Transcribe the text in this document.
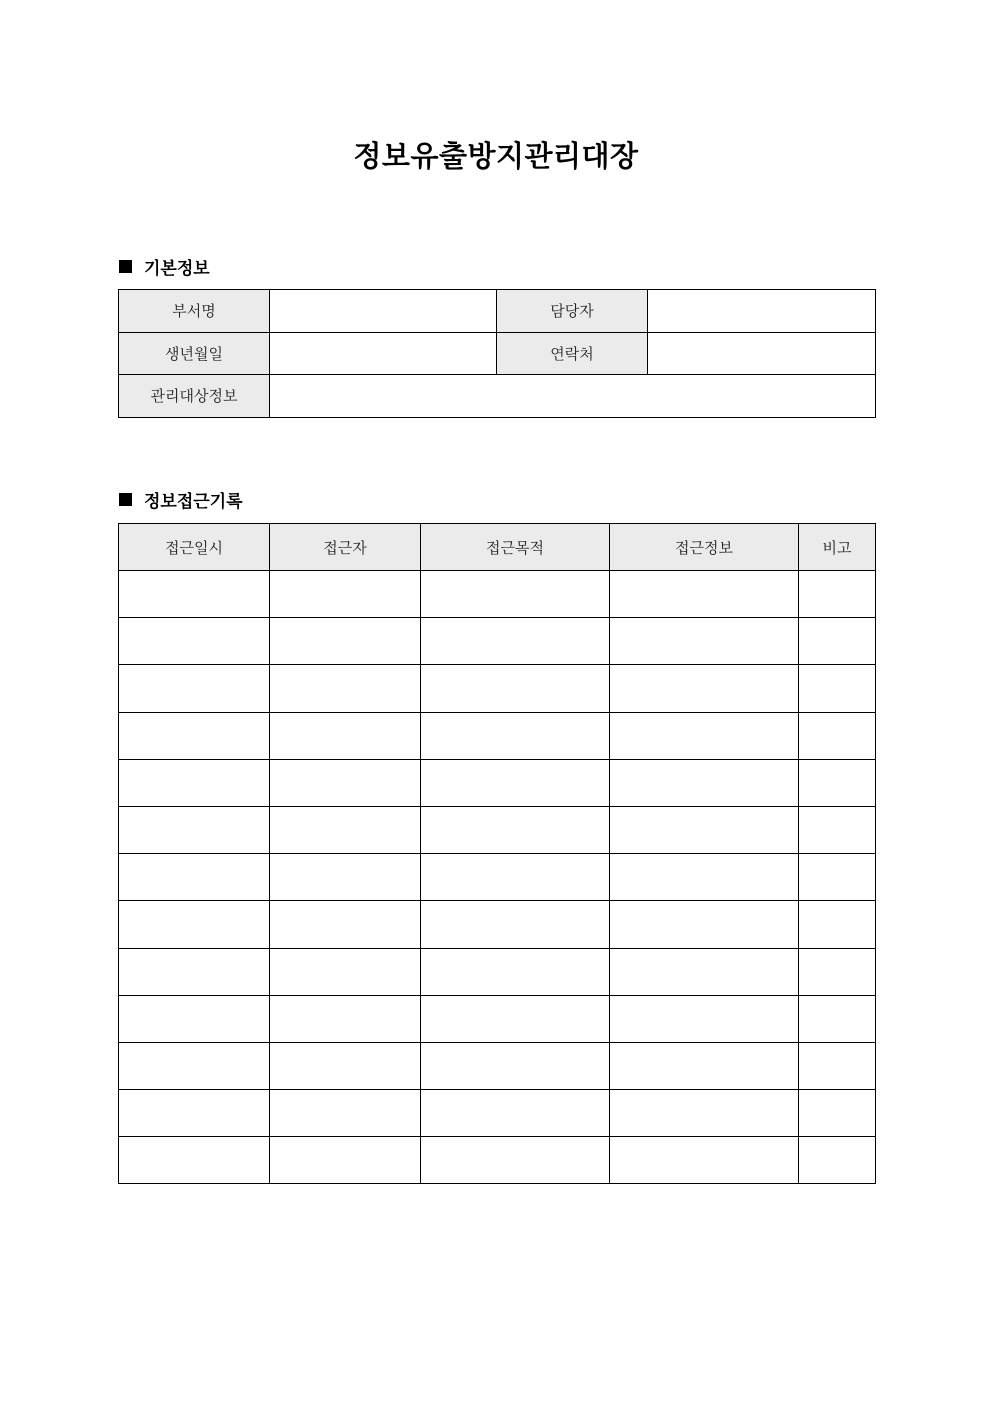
정보유출방지관리대장
기본정보
부서명		담당자	
생년월일		연락처	
관리대상정보			
정보접근기록
접근일시	접근자	접근목적	접근정보	비고
